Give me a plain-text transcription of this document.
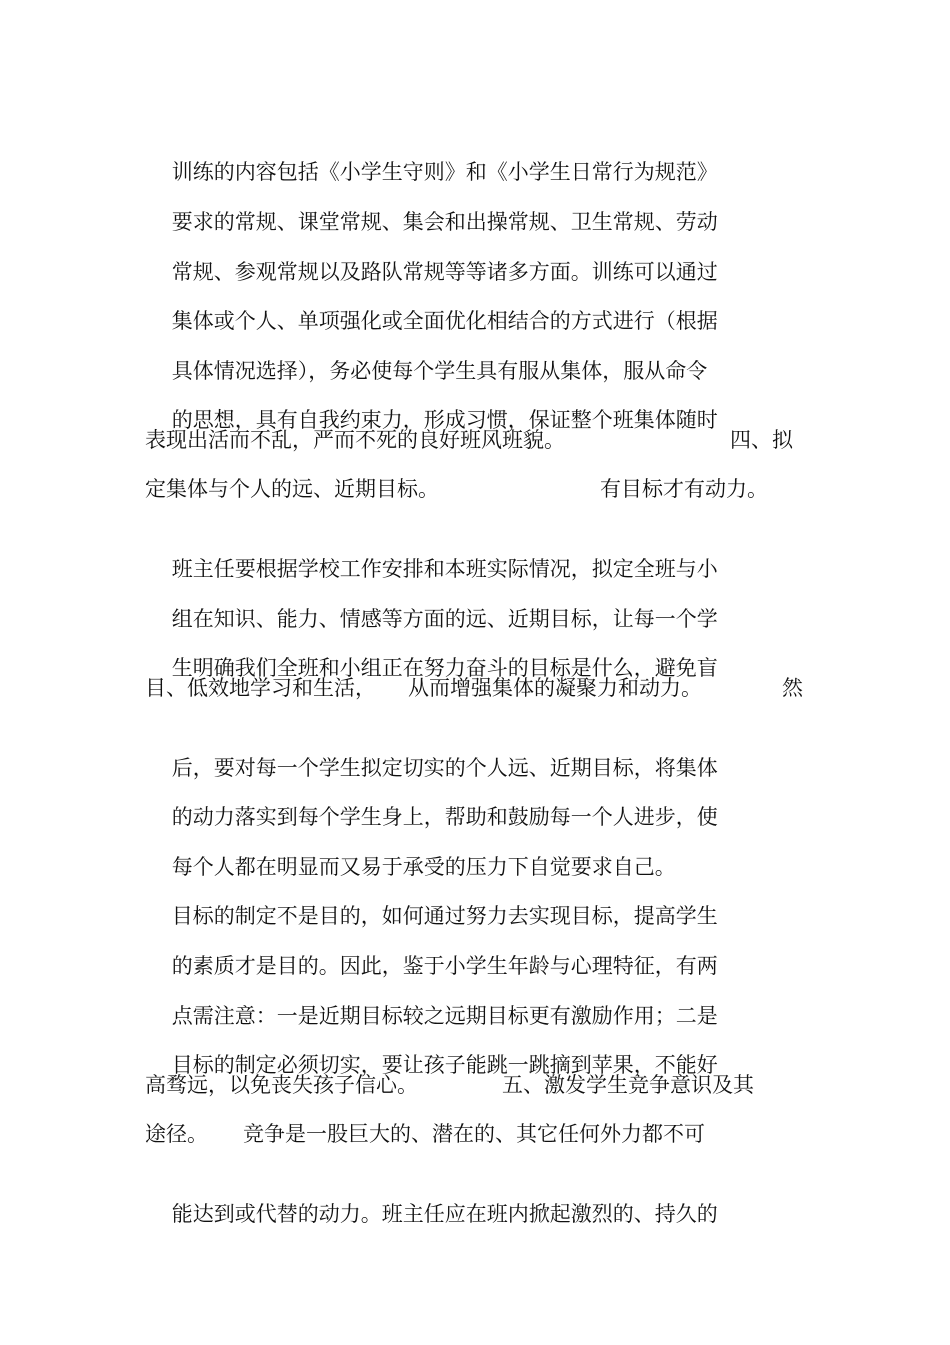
训练的内容包括《小学生守则》和《小学生日常行为规范》

要求的常规、课堂常规、集会和出操常规、卫生常规、劳动

常规、参观常规以及路队常规等等诸多方面。训练可以通过

集体或个人、单项强化或全面优化相结合的方式进行（根据

具体情况选择），务必使每个学生具有服从集体，服从命令

的思想，具有自我约束力，形成习惯，保证整个班集体随时

表现出活而不乱，严而不死的良好班风班貌。

	四、拟

定集体与个人的远、近期目标。

	有目标才有动力。

班主任要根据学校工作安排和本班实际情况，拟定全班与小

组在知识、能力、情感等方面的远、近期目标，让每一个学

生明确我们全班和小组正在努力奋斗的目标是什么，避免盲

目、低效地学习和生活，

从而增强集体的凝聚力和动力。

	然

后，要对每一个学生拟定切实的个人远、近期目标，将集体

的动力落实到每个学生身上，帮助和鼓励每一个人进步，使

每个人都在明显而又易于承受的压力下自觉要求自己。

目标的制定不是目的，如何通过努力去实现目标，提高学生

的素质才是目的。因此，鉴于小学生年龄与心理特征，有两

点需注意：一是近期目标较之远期目标更有激励作用；二是

目标的制定必须切实，要让孩子能跳一跳摘到苹果，不能好

高骛远，以免丧失孩子信心。

	五、激发学生竞争意识及其

途径。

竞争是一股巨大的、潜在的、其它任何外力都不可

能达到或代替的动力。班主任应在班内掀起激烈的、持久的
